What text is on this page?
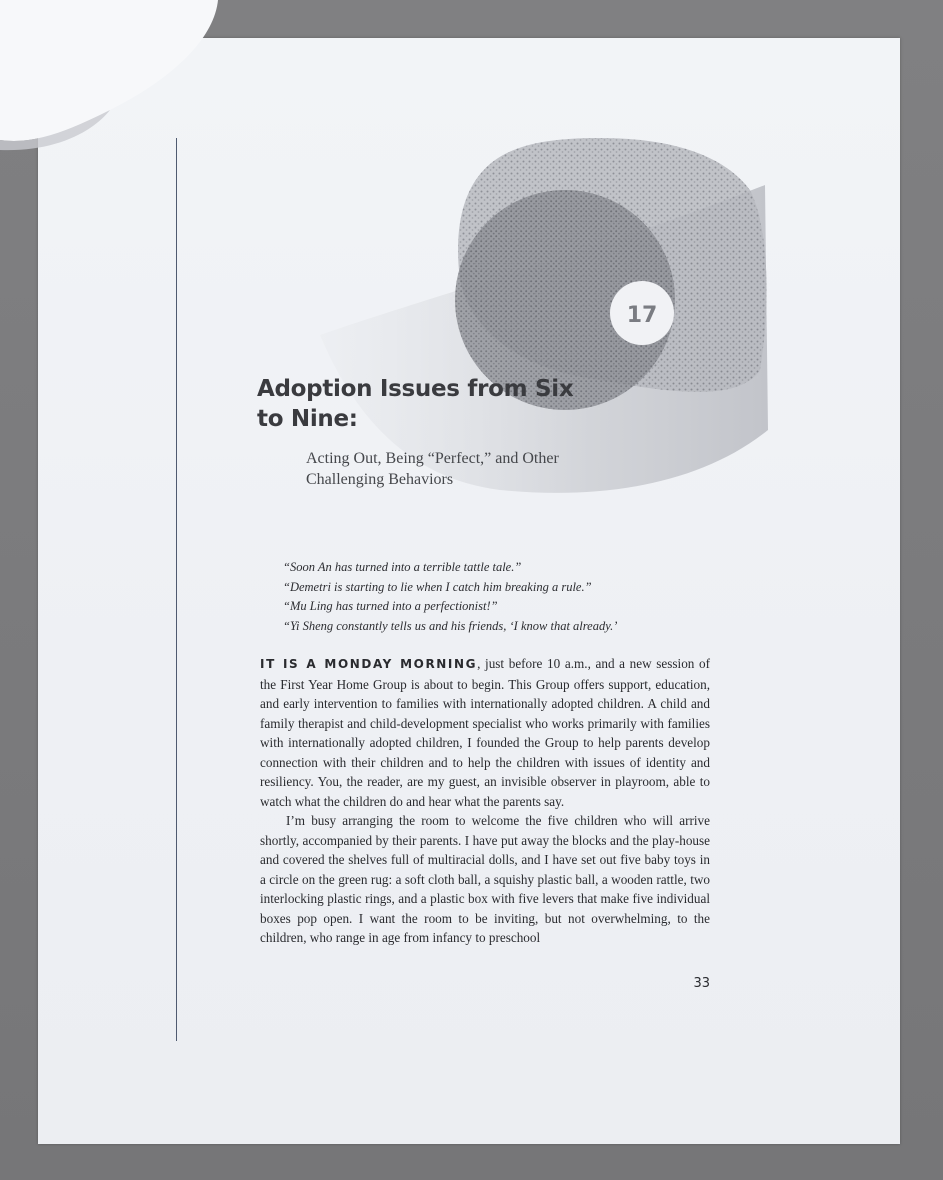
17
Adoption Issues from Six to Nine:

Acting Out, Being “Perfect,” and Other Challenging Behaviors

“Soon An has turned into a terrible tattle tale.”
“Demetri is starting to lie when I catch him breaking a rule.”
“Mu Ling has turned into a perfectionist!”
“Yi Sheng constantly tells us and his friends, ‘I know that already.’

IT IS A MONDAY MORNING, just before 10 a.m., and a new session of the First Year Home Group is about to begin. This Group offers support, education, and early intervention to families with internationally adopted children. A child and family therapist and child-development specialist who works primarily with families with internationally adopted children, I founded the Group to help parents develop connection with their children and to help the children with issues of identity and resiliency. You, the reader, are my guest, an invisible observer in playroom, able to watch what the children do and hear what the parents say.

I’m busy arranging the room to welcome the five children who will arrive shortly, accompanied by their parents. I have put away the blocks and the play-house and covered the shelves full of multiracial dolls, and I have set out five baby toys in a circle on the green rug: a soft cloth ball, a squishy plastic ball, a wooden rattle, two interlocking plastic rings, and a plastic box with five levers that make five individual boxes pop open. I want the room to be inviting, but not overwhelming, to the children, who range in age from infancy to preschool

33
